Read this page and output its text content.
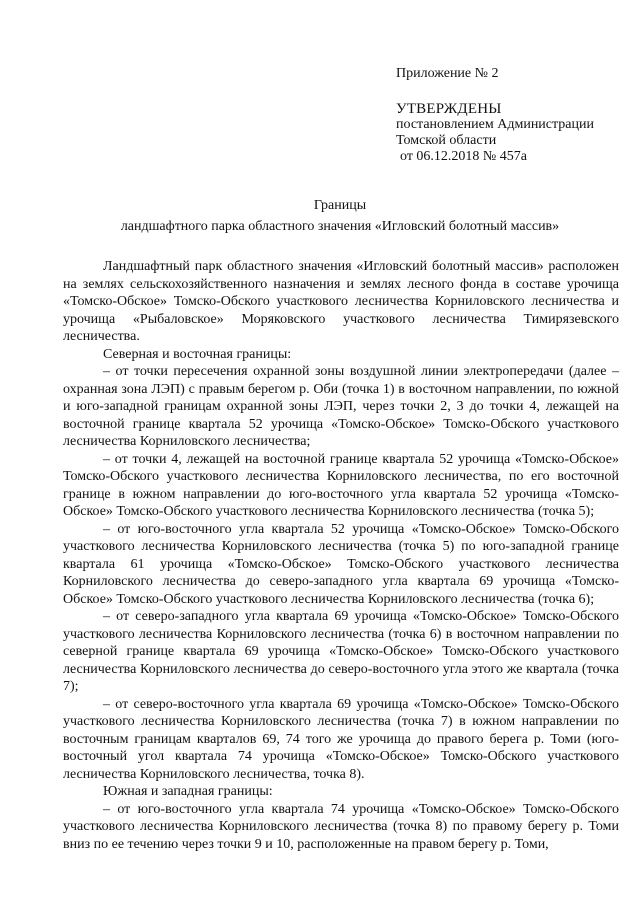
Приложение № 2
УТВЕРЖДЕНЫ
постановлением Администрации
Томской области
от 06.12.2018 № 457а
Границы
ландшафтного парка областного значения «Игловский болотный массив»

Ландшафтный парк областного значения «Игловский болотный массив» расположен на землях сельскохозяйственного назначения и землях лесного фонда в составе урочища «Томско-Обское» Томско-Обского участкового лесничества Корниловского лесничества и урочища «Рыбаловское» Моряковского участкового лесничества Тимирязевского лесничества.

Северная и восточная границы:

– от точки пересечения охранной зоны воздушной линии электропередачи (далее – охранная зона ЛЭП) с правым берегом р. Оби (точка 1) в восточном направлении, по южной и юго-западной границам охранной зоны ЛЭП, через точки 2, 3 до точки 4, лежащей на восточной границе квартала 52 урочища «Томско-Обское» Томско-Обского участкового лесничества Корниловского лесничества;

– от точки 4, лежащей на восточной границе квартала 52 урочища «Томско-Обское» Томско-Обского участкового лесничества Корниловского лесничества, по его восточной границе в южном направлении до юго-восточного угла квартала 52 урочища «Томско-Обское» Томско-Обского участкового лесничества Корниловского лесничества (точка 5);

– от юго-восточного угла квартала 52 урочища «Томско-Обское» Томско-Обского участкового лесничества Корниловского лесничества (точка 5) по юго-западной границе квартала 61 урочища «Томско-Обское» Томско-Обского участкового лесничества Корниловского лесничества до северо-западного угла квартала 69 урочища «Томско-Обское» Томско-Обского участкового лесничества Корниловского лесничества (точка 6);

– от северо-западного угла квартала 69 урочища «Томско-Обское» Томско-Обского участкового лесничества Корниловского лесничества (точка 6) в восточном направлении по северной границе квартала 69 урочища «Томско-Обское» Томско-Обского участкового лесничества Корниловского лесничества до северо-восточного угла этого же квартала (точка 7);

– от северо-восточного угла квартала 69 урочища «Томско-Обское» Томско-Обского участкового лесничества Корниловского лесничества (точка 7) в южном направлении по восточным границам кварталов 69, 74 того же урочища до правого берега р. Томи (юго-восточный угол квартала 74 урочища «Томско-Обское» Томско-Обского участкового лесничества Корниловского лесничества, точка 8).

Южная и западная границы:

– от юго-восточного угла квартала 74 урочища «Томско-Обское» Томско-Обского участкового лесничества Корниловского лесничества (точка 8) по правому берегу р. Томи вниз по ее течению через точки 9 и 10, расположенные на правом берегу р. Томи,
